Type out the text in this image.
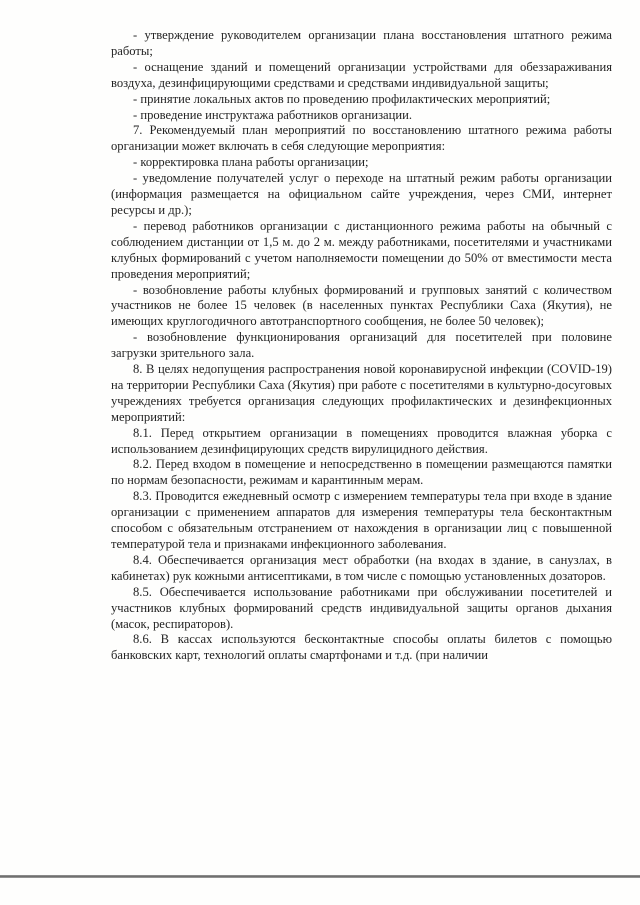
- утверждение руководителем организации плана восстановления штатного режима работы;

- оснащение зданий и помещений организации устройствами для обеззараживания воздуха, дезинфицирующими средствами и средствами индивидуальной защиты;

- принятие локальных актов по проведению профилактических мероприятий;

- проведение инструктажа работников организации.

7. Рекомендуемый план мероприятий по восстановлению штатного режима работы организации может включать в себя следующие мероприятия:

- корректировка плана работы организации;

- уведомление получателей услуг о переходе на штатный режим работы организации (информация размещается на официальном сайте учреждения, через СМИ, интернет ресурсы и др.);

- перевод работников организации с дистанционного режима работы на обычный с соблюдением дистанции от 1,5 м. до 2 м. между работниками, посетителями и участниками клубных формирований с учетом наполняемости помещении до 50% от вместимости места проведения мероприятий;

- возобновление работы клубных формирований и групповых занятий с количеством участников не более 15 человек (в населенных пунктах Республики Саха (Якутия), не имеющих круглогодичного автотранспортного сообщения, не более 50 человек);

- возобновление функционирования организаций для посетителей при половине загрузки зрительного зала.

8. В целях недопущения распространения новой коронавирусной инфекции (COVID-19) на территории Республики Саха (Якутия) при работе с посетителями в культурно-досуговых учреждениях требуется организация следующих профилактических и дезинфекционных мероприятий:

8.1. Перед открытием организации в помещениях проводится влажная уборка с использованием дезинфицирующих средств вирулицидного действия.

8.2. Перед входом в помещение и непосредственно в помещении размещаются памятки по нормам безопасности, режимам и карантинным мерам.

8.3. Проводится ежедневный осмотр с измерением температуры тела при входе в здание организации с применением аппаратов для измерения температуры тела бесконтактным способом с обязательным отстранением от нахождения в организации лиц с повышенной температурой тела и признаками инфекционного заболевания.

8.4. Обеспечивается организация мест обработки (на входах в здание, в санузлах, в кабинетах) рук кожными антисептиками, в том числе с помощью установленных дозаторов.

8.5. Обеспечивается использование работниками при обслуживании посетителей и участников клубных формирований средств индивидуальной защиты органов дыхания (масок, респираторов).

8.6. В кассах используются бесконтактные способы оплаты билетов с помощью банковских карт, технологий оплаты смартфонами и т.д. (при наличии
